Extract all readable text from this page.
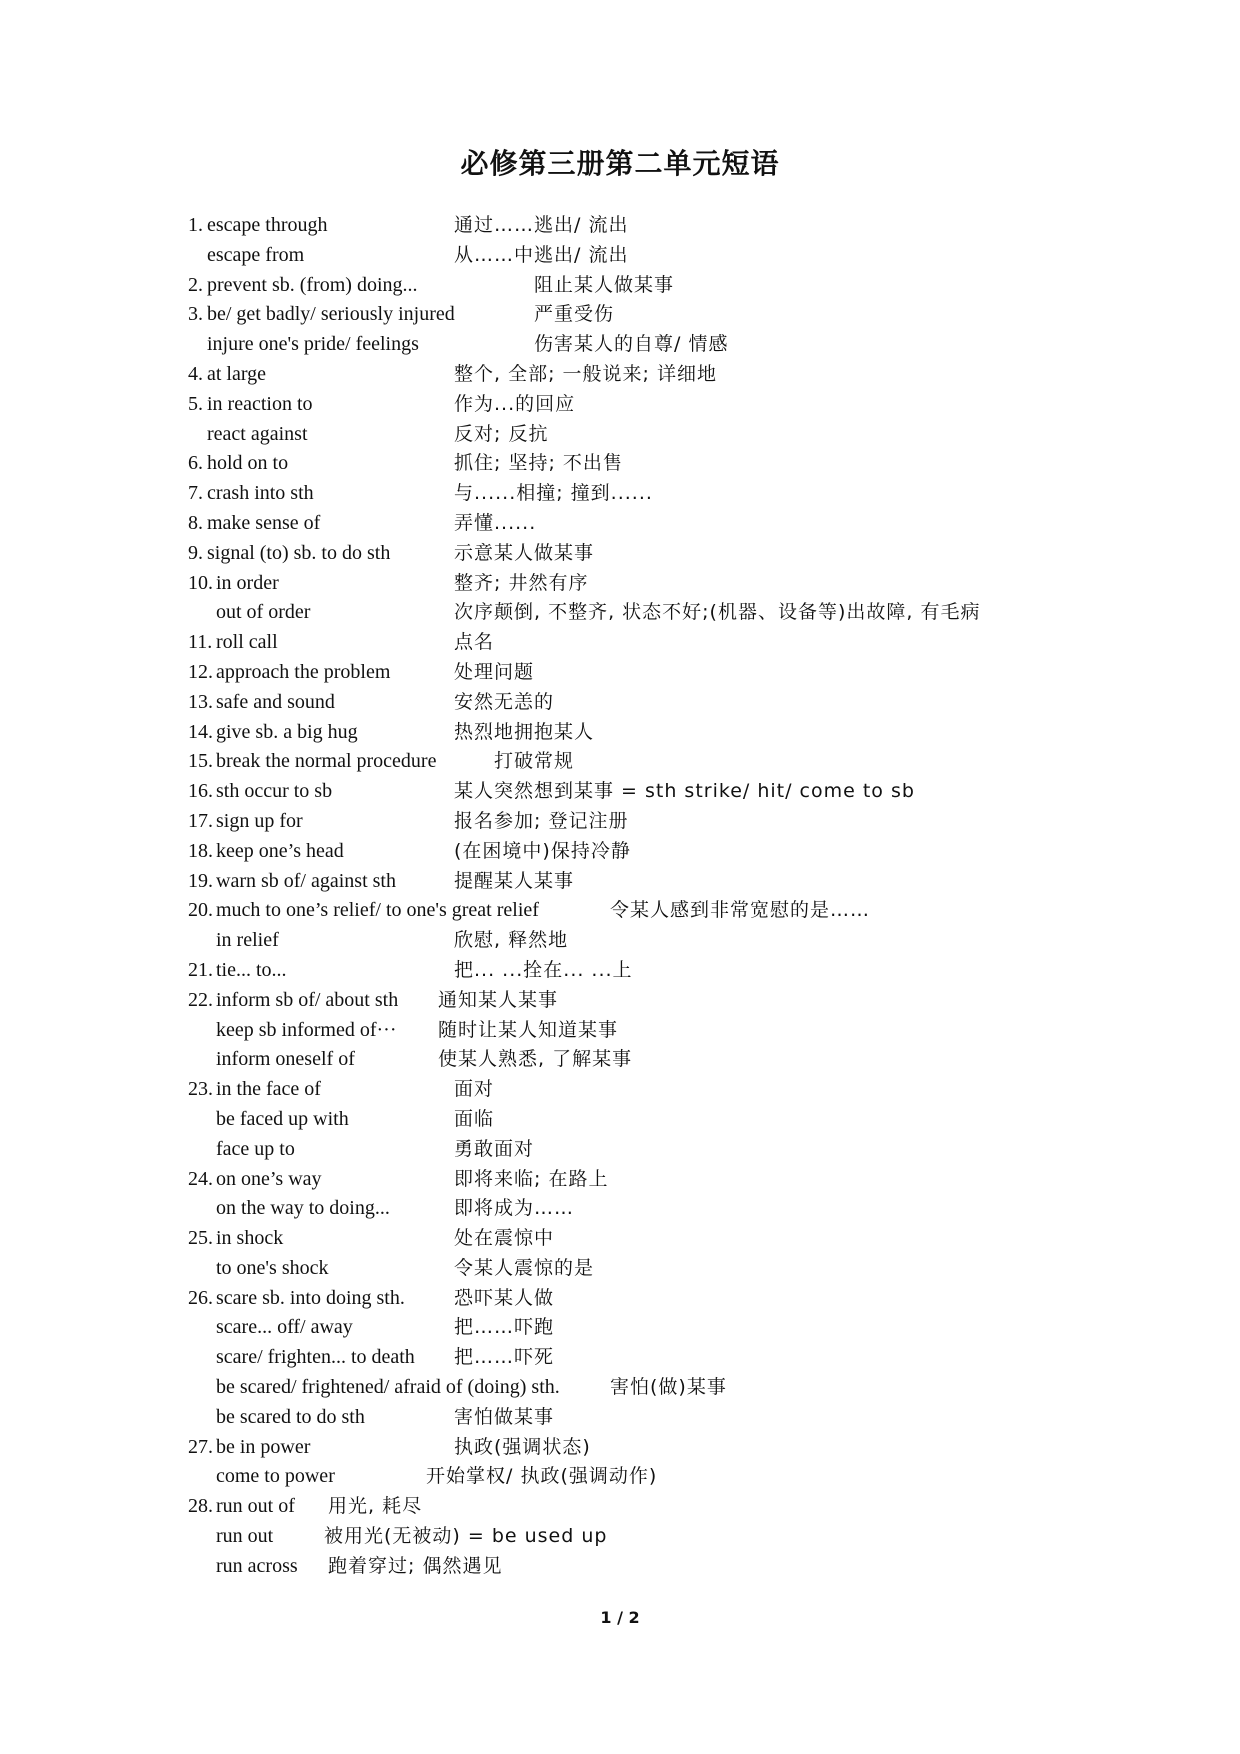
必修第三册第二单元短语
1. escape through	通过……逃出/ 流出
escape from	从……中逃出/ 流出
2. prevent sb. (from) doing...	阻止某人做某事
3. be/ get badly/ seriously injured	严重受伤
injure one's pride/ feelings	伤害某人的自尊/ 情感
4. at large	整个, 全部; 一般说来; 详细地
5. in reaction to	作为...的回应
react against	反对; 反抗
6. hold on to	抓住; 坚持; 不出售
7. crash into sth	与......相撞; 撞到......
8. make sense of	弄懂......
9. signal (to) sb. to do sth	示意某人做某事
10. in order	整齐; 井然有序
out of order	次序颠倒, 不整齐, 状态不好;(机器、设备等)出故障, 有毛病
11. roll call	点名
12. approach the problem	处理问题
13. safe and sound	安然无恙的
14. give sb. a big hug	热烈地拥抱某人
15. break the normal procedure	打破常规
16. sth occur to sb	某人突然想到某事 = sth strike/ hit/ come to sb
17. sign up for	报名参加; 登记注册
18. keep one’s head	(在困境中)保持冷静
19. warn sb of/ against sth	提醒某人某事
20. much to one’s relief/ to one's great relief	令某人感到非常宽慰的是……
in relief	欣慰, 释然地
21. tie... to...	把... ...拴在... ...上
22. inform sb of/ about sth 通知某人某事
keep sb informed of··· 随时让某人知道某事
inform oneself of	使某人熟悉, 了解某事
23. in the face of	面对
be faced up with	面临
face up to	勇敢面对
24. on one’s way	即将来临; 在路上
on the way to doing...	即将成为……
25. in shock	处在震惊中
to one's shock	令某人震惊的是
26. scare sb. into doing sth.	恐吓某人做
scare... off/ away	把……吓跑
scare/ frighten... to death 把……吓死
be scared/ frightened/ afraid of (doing) sth.	害怕(做)某事
be scared to do sth	害怕做某事
27. be in power	执政(强调状态)
come to power	开始掌权/ 执政(强调动作)
28. run out of 用光, 耗尽
run out	被用光(无被动) = be used up
run across 跑着穿过; 偶然遇见
1 / 2
